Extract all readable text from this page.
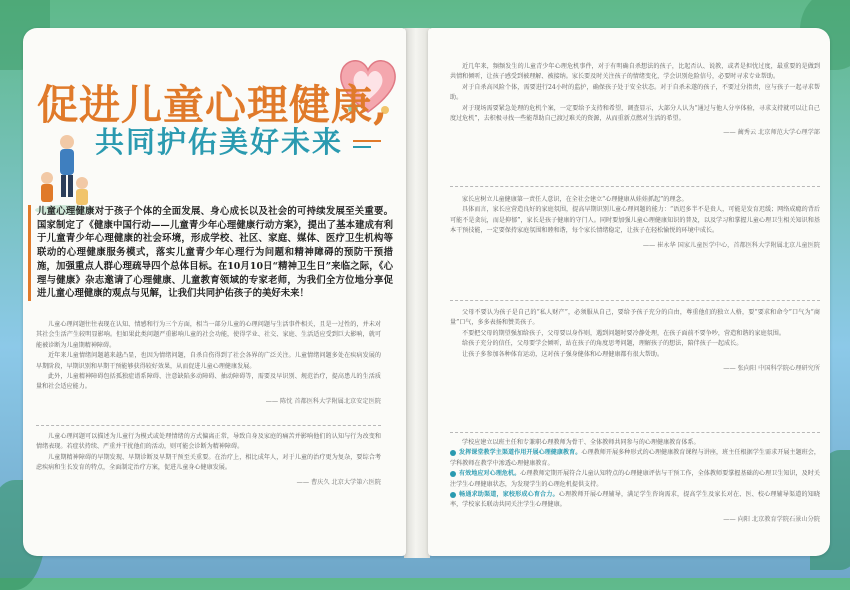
促进儿童心理健康,
共同护佑美好未来

儿童心理健康对于孩子个体的全面发展、身心成长以及社会的可持续发展至关重要。国家制定了《健康中国行动——儿童青少年心理健康行动方案》，提出了基本建成有利于儿童青少年心理健康的社会环境，形成学校、社区、家庭、媒体、医疗卫生机构等联动的心理健康服务模式，落实儿童青少年心理行为问题和精神障碍的预防干预措施，加强重点人群心理疏导四个总体目标。在10月10日“精神卫生日”来临之际，《心理与健康》杂志邀请了心理健康、儿童教育领域的专家老师，为我们全方位地分享促进儿童心理健康的观点与见解，让我们共同护佑孩子的美好未来！

儿童心理问题往往表现在认知、情感和行为三个方面，相当一部分儿童的心理问题与生活事件相关，且是一过性的，并未对其社会生活产生较明显影响。但如果此类问题严重影响儿童的社会功能，使得学业、社交、家庭、生活适应受到巨大影响，就可能被诊断为儿童期精神障碍。

近年来儿童情绪问题越来越凸显，也因为情绪问题，自杀自伤得到了社会各界的广泛关注。儿童情绪问题多处在疾病发展的早期阶段，早期识别和早期干预能够获得较好效果，从而促进儿童心理健康发展。

此外，儿童精神障碍包括孤独症谱系障碍、注意缺陷多动障碍、抽动障碍等，需要及早识别、规范治疗，提高患儿的生活质量和社会适应能力。

—— 陈忱 首都医科大学附属北京安定医院

儿童心理问题可以描述为儿童行为模式或处理情绪的方式偏离正常，导致自身及家庭的痛苦并影响他们的认知与行为改变和情绪表现。若症状持续、严重并干扰他们的活动，则可能会诊断为精神障碍。

儿童期精神障碍的早期发现、早期诊断及早期干预至关重要。在治疗上，相比成年人，对于儿童的治疗更为复杂，要综合考虑疾病和生长发育的特点，全面制定治疗方案，促进儿童身心健康发展。

—— 曹庆久 北京大学第六医院

近几年来，频频发生的儿童青少年心理危机事件，对于有明确自杀想法的孩子，比起否认、说教，或者是担忧过度，最重要的是做到共情和倾听，让孩子感受到被理解、被接纳。家长要及时关注孩子的情绪变化，学会识别危险信号，必要时寻求专业帮助。

对于自杀高风险个体，需要进行24小时的监护，确保孩子处于安全状态。对于自杀未遂的孩子，不要过分指责，应与孩子一起寻求帮助。

对于现场需要紧急处理的危机个案，一定要给予支持和希望，调查显示，大部分人认为“通过与他人分享体验，寻求支持就可以让自己度过危机”，去积极寻找一些能帮助自己渡过难关的资源，从而重新点燃对生活的希望。

—— 蔺秀云 北京师范大学心理学部

家长应树立儿童健康第一责任人意识，在全社会建立“心理健康从娃娃抓起”的理念。

具体而言，家长应营造良好的家庭氛围，提高早期识别儿童心理问题的能力：“语迟多半不是贵人，可能是发育迟缓；网络成瘾的背后可能不是贪玩，而是抑郁”，家长是孩子健康的守门人。同时要加强儿童心理健康知识的普及，以及学习和掌握儿童心理卫生相关知识和基本干预技能，一定要保持家庭氛围和睦和谐，每个家长情绪稳定，让孩子在轻松愉悦的环境中成长。

—— 崔永华 国家儿童医学中心，首都医科大学附属北京儿童医院

父母不要认为孩子是自己的“私人财产”，必须服从自己，要给予孩子充分的自由，尊重他们的独立人格，要“要求和命令”口气为“商量”口气，多多表扬和赞美孩子。

不要把父母的期望强加给孩子，父母要以身作则，遇到问题时要冷静处理，在孩子面前不要争吵，营造和谐的家庭氛围。

给孩子充分的信任，父母要学会倾听，站在孩子的角度思考问题，理解孩子的想法，陪伴孩子一起成长。

让孩子多参加各种体育运动，这对孩子强身健体和心理健康都有很大帮助。

—— 张向阳 中国科学院心理研究所

学校应建立以班主任和专兼职心理教师为骨干、全体教师共同参与的心理健康教育体系。

发挥课堂教学主渠道作用开展心理健康教育。心理教师开展多种形式的心理健康教育课程与讲座，班主任根据学生需求开展主题班会，学科教师在教学中渗透心理健康教育。

有效地应对心理危机。心理教师定期开展符合儿童认知特点的心理健康评估与干预工作，全体教师要掌握基础的心理卫生知识，及时关注学生心理健康状态，为发现学生的心理危机提供支持。

畅通求助渠道，家校形成心育合力。心理教师开展心理辅导，满足学生咨询需求，提高学生及家长对在、医、校心理辅导渠道的知晓率，学校家长联动共同关注学生心理健康。

—— 向阳 北京教育学院石景山分院
